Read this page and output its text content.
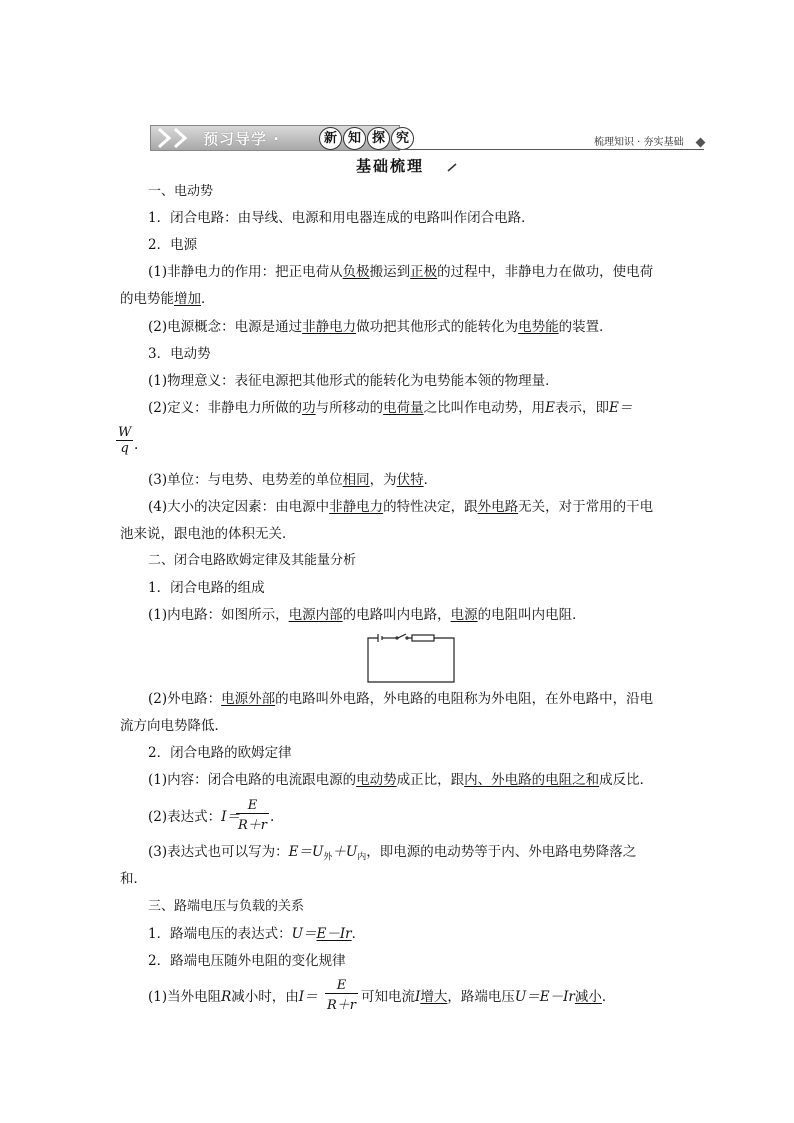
预习导学 ·	新 知 探 究	梳理知识 · 夯实基础
基础梳理
一、电动势
1．闭合电路：由导线、电源和用电器连成的电路叫作闭合电路．
2．电源
(1)非静电力的作用：把正电荷从负极搬运到正极的过程中，非静电力在做功，使电荷
的电势能增加．
(2)电源概念：电源是通过非静电力做功把其他形式的能转化为电势能的装置．
3．电动势
(1)物理意义：表征电源把其他形式的能转化为电势能本领的物理量．
(2)定义：非静电力所做的功与所移动的电荷量之比叫作电动势，用E表示，即E＝
$\frac{W}{q}$ .
(3)单位：与电势、电势差的单位相同，为伏特．
(4)大小的决定因素：由电源中非静电力的特性决定，跟外电路无关，对于常用的干电
池来说，跟电池的体积无关．
二、闭合电路欧姆定律及其能量分析
1．闭合电路的组成
(1)内电路：如图所示，电源内部的电路叫内电路，电源的电阻叫内电阻．
(2)外电路：电源外部的电路叫外电路，外电路的电阻称为外电阻，在外电路中，沿电
流方向电势降低．
2．闭合电路的欧姆定律
(1)内容：闭合电路的电流跟电源的电动势成正比，跟内、外电路的电阻之和成反比．
(2)表达式：I＝
$\frac{E}{R+r}$ .
(3)表达式也可以写为：$E=U_外+U_内$，即电源的电动势等于内、外电路电势降落之
和．
三、路端电压与负载的关系
1．路端电压的表达式：U＝E－Ir．
2．路端电压随外电阻的变化规律
(1)当外电阻R减小时，由$I= \frac{E}{R+r}$ 可知电流I增大，路端电压U＝E－Ir减小．
